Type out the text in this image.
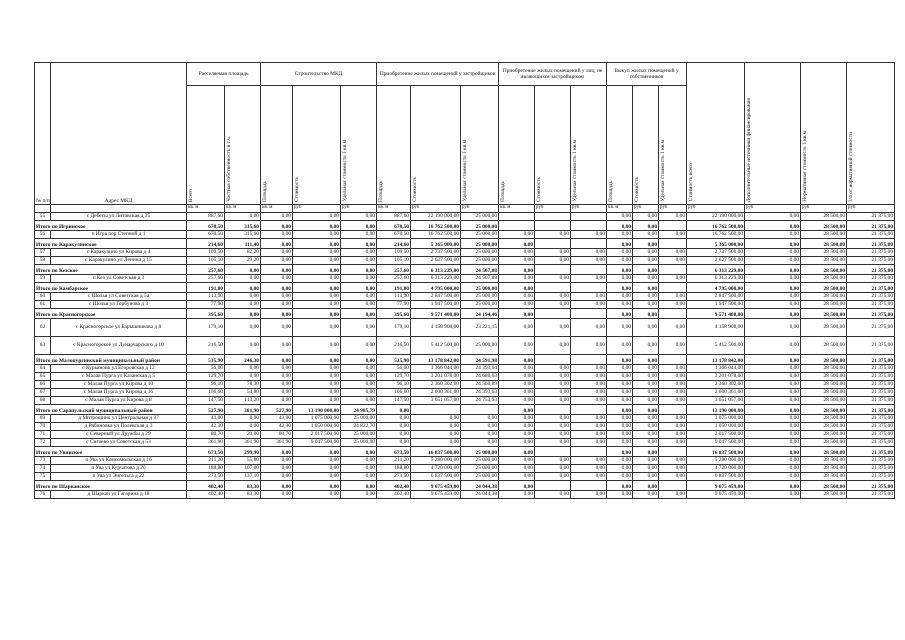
№ п/п	Адрес МКД	Расселяемая площадь		Строительство МКД			Приобретение жилых помещений у застройщиков			Приобретение жилых помещений у лиц, не являющихся застройщиком			Выкуп жилых помещений у собственников			Стоимость всего	Дополнительные источники финансирования	Нормативная стоимость 1 кв.м	3/4 от нормативной стоимости
		Всего	Частная собственность в т.ч.	Площадь	Стоимость	Удельная стоимость 1 кв.м	Площадь	Стоимость	Удельная стоимость 1 кв.м	Площадь	Стоимость	Удельная стоимость 1 кв.м	Площадь	Стоимость	Удельная стоимость 1 кв.м				
		кв. м	кв. м	кв. м	руб	руб	кв. м	руб	руб	кв. м	руб	руб	кв. м	руб	руб	руб	руб	руб	руб
55	с Дебесы ул Литовская д 35	887,60	0,00	0,00	0,00	0,00	887,60	22 190 000,00	25 000,00				0,00	0,00	0,00	22 190 000,00	0,00	28 500,00	21 375,00
Итого по Игринское		670,50	315,60	0,00	0,00	0,00	670,50	16 762 500,00	25 000,00				0,00	0,00		16 762 500,00	0,00	28 500,00	21 375,00
56	п Игра пер Степной д 1	670,50	315,60	0,00	0,00	0,00	670,50	16 762 500,00	25 000,00	0,00	0,00	0,00	0,00	0,00	0,00	16 762 500,00	0,00	28 500,00	21 375,00
Итого по Каракулинское		214,60	111,40	0,00	0,00	0,00	214,60	5 365 000,00	25 000,00	0,00			0,00	0,00		5 365 000,00	0,00	28 500,00	21 375,00
57	с Каракулино ул Кирова д 4	109,50	82,20	0,00	0,00	0,00	109,50	2 737 500,00	25 000,00	0,00	0,00	0,00	0,00	0,00	0,00	2 737 500,00	0,00	28 500,00	21 375,00
58	с Каракулино ул Ленина д 15	105,10	29,20	0,00	0,00	0,00	105,10	2 627 500,00	25 000,00	0,00	0,00	0,00	0,00	0,00	0,00	2 627 500,00	0,00	28 500,00	21 375,00
Итого по Кезское		257,60	0,00	0,00	0,00	0,00	257,60	6 313 229,00	24 507,88	0,00			0,00	0,00		6 313 229,00	0,00	28 500,00	21 375,00
59	п Кез ул Советская д 3	257,60	0,00	0,00	0,00	0,00	257,60	6 313 229,00	24 507,88	0,00	0,00	0,00	0,00	0,00	0,00	6 313 229,00	0,00	28 500,00	21 375,00
Итого по Камбарское		191,80	0,00	0,00	0,00	0,00	191,80	4 795 000,00	25 000,00	0,00			0,00	0,00		4 795 000,00	0,00	28 500,00	21 375,00
60	с Шолья ул Советская д 5а	113,90	0,00	0,00	0,00	0,00	113,90	2 847 500,00	25 000,00	0,00	0,00	0,00	0,00	0,00	0,00	2 847 500,00	0,00	28 500,00	21 375,00
61	с Шолья ул Горбунова д 3	77,90	0,00	0,00	0,00	0,00	77,90	1 947 500,00	25 000,00	0,00	0,00	0,00	0,00	0,00	0,00	1 947 500,00	0,00	28 500,00	21 375,00
Итого по Красногорское		395,60	0,00	0,00	0,00	0,00	395,60	9 571 408,00	24 194,46	0,00			0,00	0,00		9 571 408,00	0,00	28 500,00	21 375,00
62	с Красногорское ул Барышникова д 8	179,10	0,00	0,00	0,00	0,00	179,10	4 158 908,00	23 221,15	0,00	0,00	0,00	0,00	0,00	0,00	4 158 908,00	0,00	28 500,00	21 375,00
63	с Красногорское ул Лунарчарского д 10	216,50	0,00	0,00	0,00	0,00	216,50	5 412 500,00	25 000,00	0,00	0,00	0,00	0,00	0,00	0,00	5 412 500,00	0,00	28 500,00	21 375,00
Итого по Малопургинский муниципальный район		535,90	246,30	0,00	0,00	0,00	535,90	13 178 842,00	24 591,98	0,00			0,00	0,00		13 178 842,00	0,00	28 500,00	21 375,00
64	с Курьяново ул Егоровская д 12	56,00	0,00	0,00	0,00	0,00	56,00	1 366 044,00	24 393,64	0,00	0,00	0,00	0,00	0,00	0,00	1 366 044,00	0,00	28 500,00	21 375,00
65	с Малая Пурга ул Казанская д 5	129,70	0,00	0,00	0,00	0,00	129,70	3 201 078,00	24 680,63	0,00	0,00	0,00	0,00	0,00	0,00	3 201 078,00	0,00	28 500,00	21 375,00
66	с Малая Пурга ул Кирова д 10	96,10	78,30	0,00	0,00	0,00	96,10	2 360 302,00	24 560,89	0,00	0,00	0,00	0,00	0,00	0,00	2 360 302,00	0,00	28 500,00	21 375,00
67	с Малая Пурга ул Кирова д 16	106,60	54,80	0,00	0,00	0,00	106,60	2 600 361,00	24 393,63	0,00	0,00	0,00	0,00	0,00	0,00	2 600 361,00	0,00	28 500,00	21 375,00
68	с Малая Пурга ул Кирова д 8	147,50	113,20	0,00	0,00	0,00	147,50	3 651 057,00	24 753,93	0,00	0,00	0,00	0,00	0,00	0,00	3 651 057,00	0,00	28 500,00	21 375,00
Итого по Сарапульский муниципальный район		527,90	381,90	527,90	13 190 000,00	24 985,79	0,00			0,00			0,00	0,00		13 190 000,00	0,00	28 500,00	21 375,00
69	д Митрошино ул Центральная д 37	43,00	0,00	43,00	1 075 000,00	25 000,00	0,00	0,00	0,00	0,00	0,00	0,00	0,00	0,00	0,00	1 075 000,00	0,00	28 500,00	21 375,00
70	д Рябиновка ул Полевская д 3	42,30	0,00	42,30	1 050 000,00	24 822,70	0,00	0,00	0,00	0,00	0,00	0,00	0,00	0,00	0,00	1 050 000,00	0,00	28 500,00	21 375,00
71	с Северный ул Дружбы д 29	80,70	20,00	80,70	2 017 500,00	25 000,00	0,00	0,00	0,00	0,00	0,00	0,00	0,00	0,00	0,00	2 017 500,00	0,00	28 500,00	21 375,00
72	с Сигаево ул Советская д 53	361,90	361,90	361,90	9 047 500,00	25 000,00	0,00	0,00	0,00	0,00	0,00	0,00	0,00	0,00	0,00	9 047 500,00	0,00	28 500,00	21 375,00
Итого по Увинское		673,50	299,90	0,00	0,00	0,00	673,50	16 837 500,00	25 000,00	0,00			0,00	0,00		16 837 500,00	0,00	28 500,00	21 375,00
73	п Ува ул Комсомольская д 16	211,20	55,80	0,00	0,00	0,00	211,20	5 280 000,00	25 000,00	0,00	0,00	0,00	0,00	0,00	0,00	5 280 000,00	0,00	28 500,00	21 375,00
74	п Ува ул Курчатова д 20	188,80	107,00	0,00	0,00	0,00	188,80	4 720 000,00	25 000,00	0,00	0,00	0,00	0,00	0,00	0,00	4 720 000,00	0,00	28 500,00	21 375,00
75	п Ува ул Энгельса д 22	273,50	137,10	0,00	0,00	0,00	273,50	6 837 500,00	25 000,00	0,00	0,00	0,00	0,00	0,00	0,00	6 837 500,00	0,00	28 500,00	21 375,00
Итого по Шарканское		402,40	83,30	0,00	0,00	0,00	402,40	9 675 459,00	24 044,38	0,00			0,00	0,00		9 675 459,00	0,00	28 500,00	21 375,00
76	д Шаркан ул Гагарина д 18	402,40	83,30	0,00	0,00	0,00	402,40	9 675 459,00	24 044,38	0,00	0,00	0,00	0,00	0,00	0,00	9 675 459,00	0,00	28 500,00	21 375,00
